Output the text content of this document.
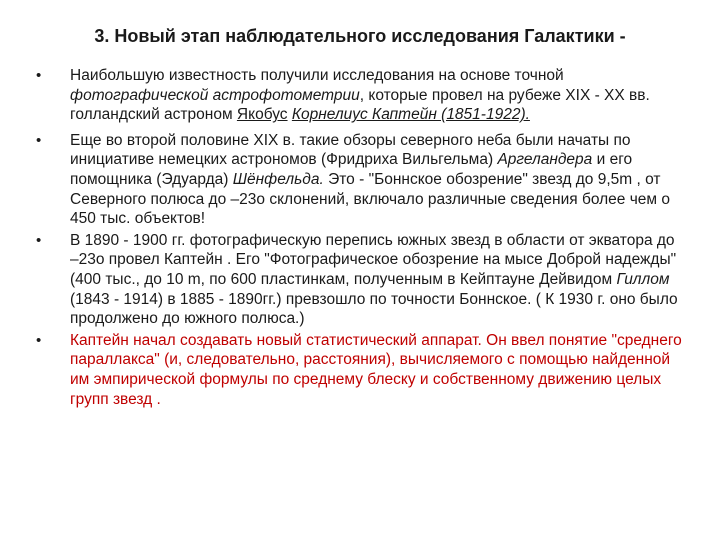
3. Новый этап наблюдательного исследования Галактики -

• Наибольшую известность получили исследования на основе точной фотографической астрофотометрии, которые провел на рубеже XIX - XX вв. голландский астроном Якобус Корнелиус Каптейн (1851-1922).

• Еще во второй половине XIX в. такие обзоры северного неба были начаты по инициативе немецких астрономов (Фридриха Вильгельма) Аргеландера и его помощника (Эдуарда) Шёнфельда. Это - "Боннское обозрение" звезд до 9,5m , от Северного полюса до –23o склонений, включало различные сведения более чем о 450 тыс. объектов!

• В 1890 - 1900 гг. фотографическую перепись южных звезд в области от экватора до –23o провел Каптейн . Его "Фотографическое обозрение на мысе Доброй надежды" (400 тыс., до 10 m, по 600 пластинкам, полученным в Кейптауне Дейвидом Гиллом (1843 - 1914) в 1885 - 1890гг.) превзошло по точности Боннское. ( К 1930 г. оно было продолжено до южного полюса.)

• Каптейн начал создавать новый статистический аппарат. Он ввел понятие "среднего параллакса" (и, следовательно, расстояния), вычисляемого с помощью найденной им эмпирической формулы по среднему блеску и собственному движению целых групп звезд .
